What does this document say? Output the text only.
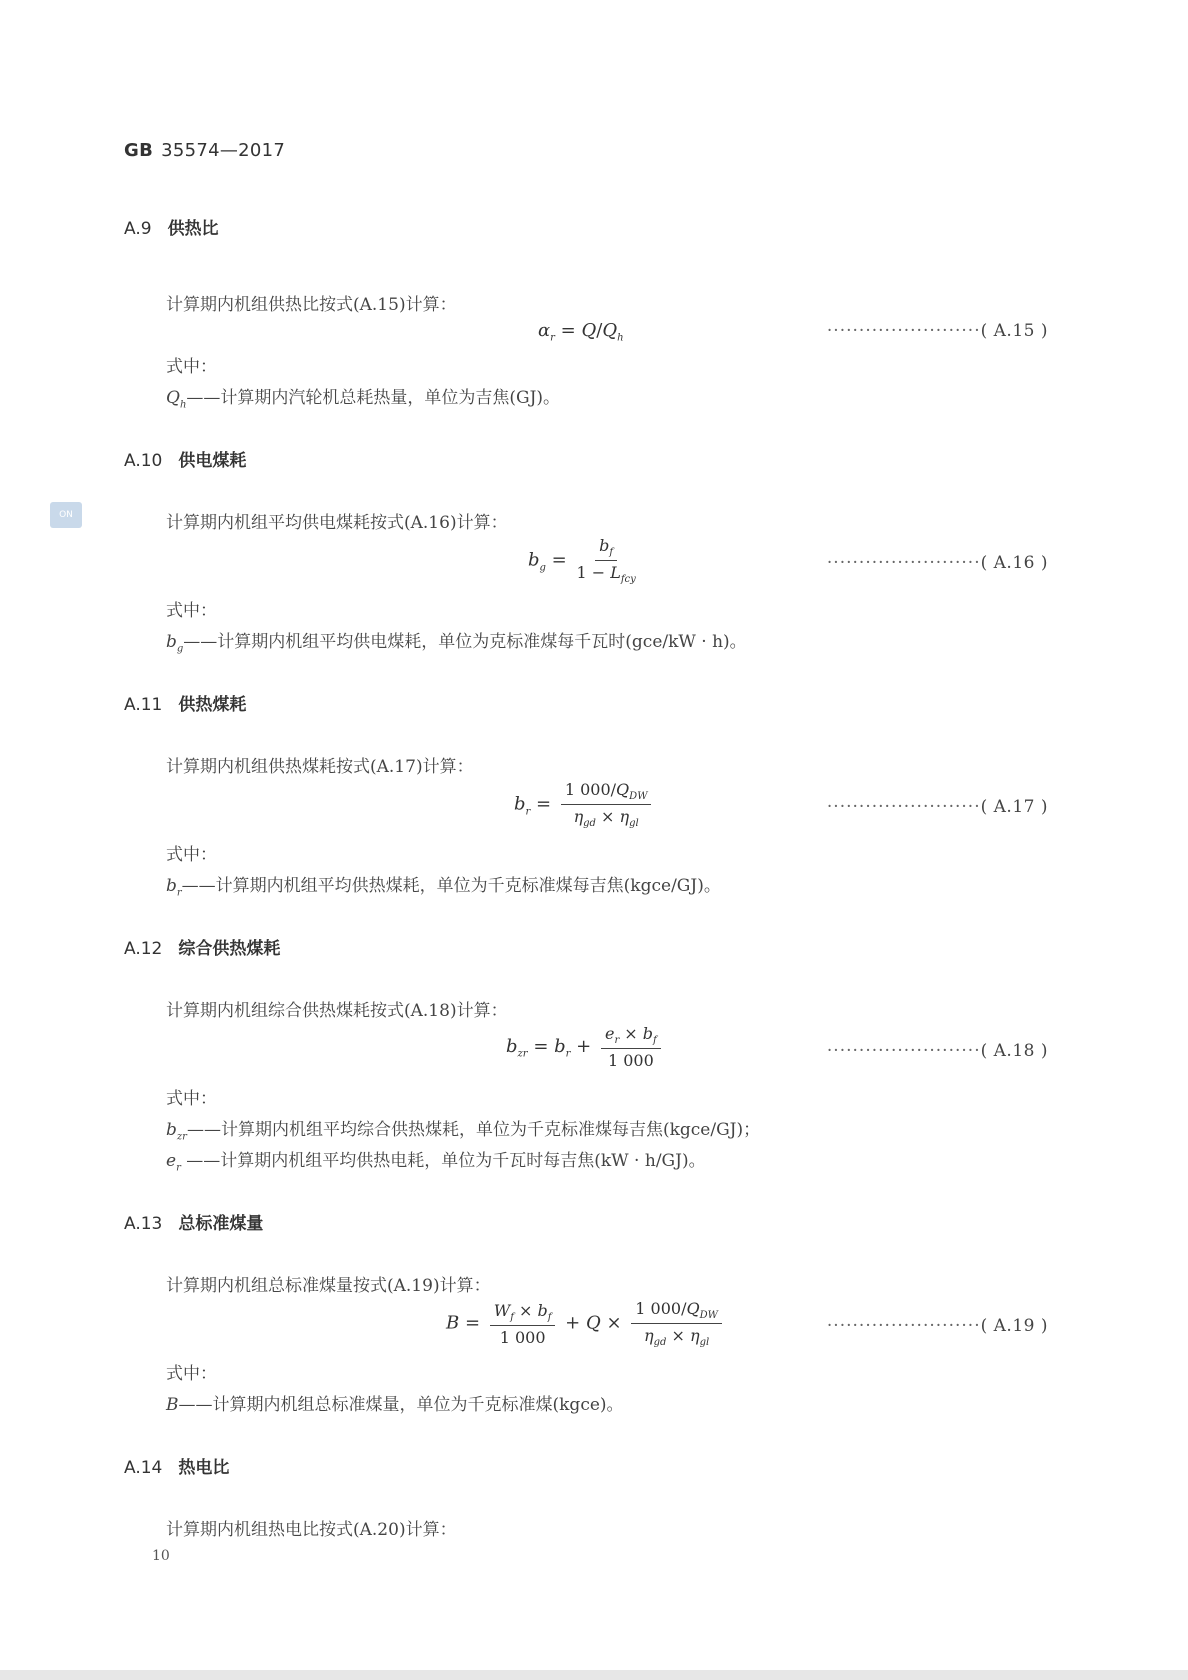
GB 35574—2017
ON
A.9 供热比
计算期内机组供热比按式(A.15)计算：
$\alpha_r = Q/Q_h$	························( A.15 )
式中：
$Q_h——$计算期内汽轮机总耗热量，单位为吉焦(GJ)。
A.10 供电煤耗
计算期内机组平均供电煤耗按式(A.16)计算：
$b_g = \frac{b_f}{1 - L_{fcy}}$	························( A.16 )
式中：
$b_g——$计算期内机组平均供电煤耗，单位为克标准煤每千瓦时(gce/kW · h)。
A.11 供热煤耗
计算期内机组供热煤耗按式(A.17)计算：
$b_r = \frac{1 000/Q_{DW}}{\eta_{gd} \times \eta_{gl}}$	························( A.17 )
式中：
$b_r——$计算期内机组平均供热煤耗，单位为千克标准煤每吉焦(kgce/GJ)。
A.12 综合供热煤耗
计算期内机组综合供热煤耗按式(A.18)计算：
$b_{zr} = b_r + \frac{e_r \times b_f}{1 000}$	························( A.18 )
式中：
$b_{zr}——$计算期内机组平均综合供热煤耗，单位为千克标准煤每吉焦(kgce/GJ)；
$e_r$ ——计算期内机组平均供热电耗，单位为千瓦时每吉焦(kW · h/GJ)。
A.13 总标准煤量
计算期内机组总标准煤量按式(A.19)计算：
$B = \frac{W_f \times b_f}{1 000} + Q \times \frac{1 000/Q_{DW}}{\eta_{gd} \times \eta_{gl}}$	························( A.19 )
式中：
B——计算期内机组总标准煤量，单位为千克标准煤(kgce)。
A.14 热电比
计算期内机组热电比按式(A.20)计算：
10
